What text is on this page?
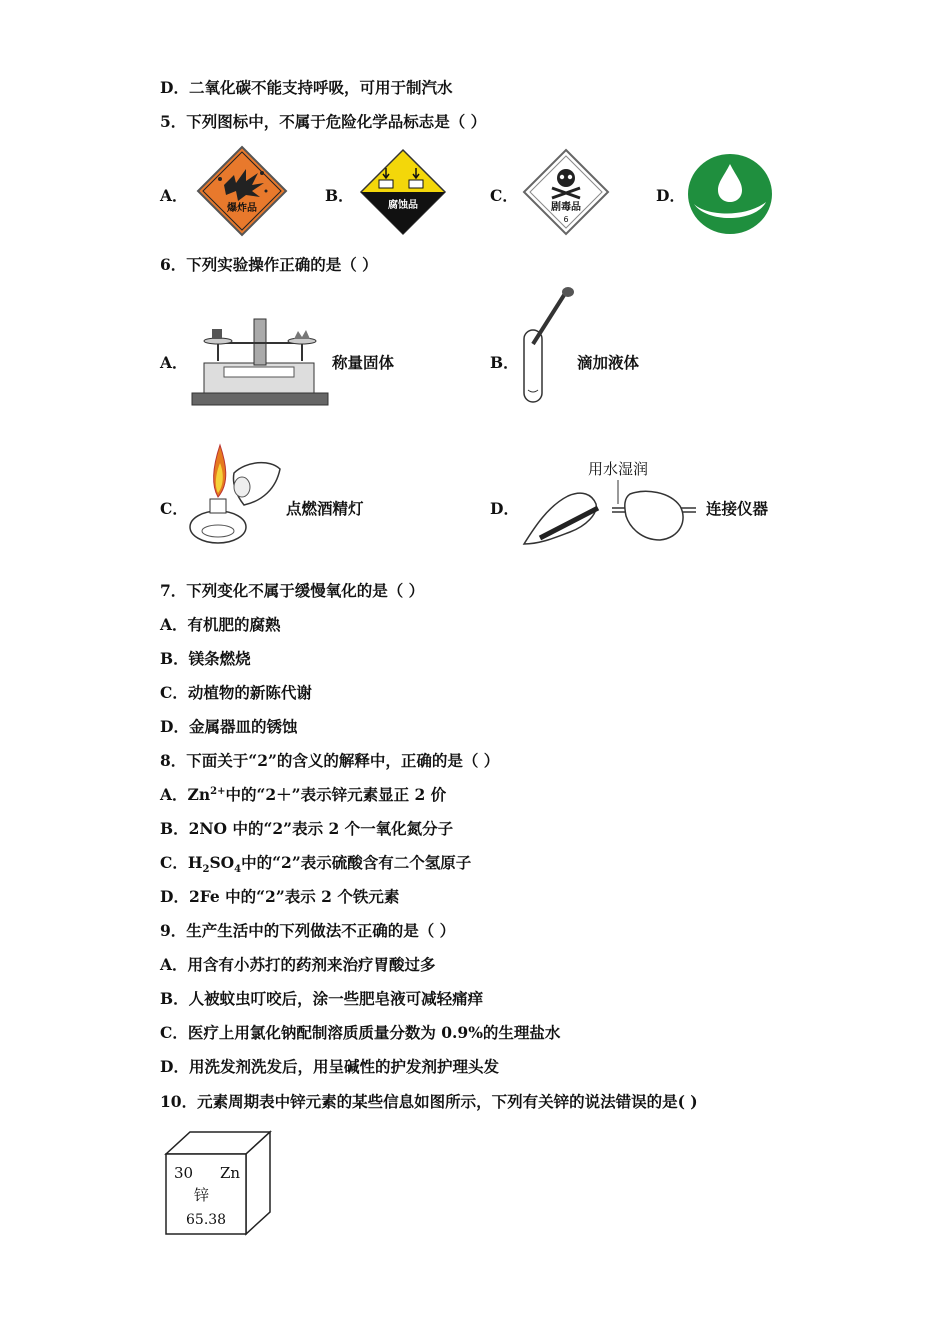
D．二氧化碳不能支持呼吸，可用于制汽水
5．下列图标中，不属于危险化学品标志是（ ）
A．
爆炸品
B．
腐蚀品
C．
剧毒品
6
D．
6．下列实验操作正确的是（ ）
A．	称量固体	B．	滴加液体
C．	点燃酒精灯	D．
用水湿润
连接仪器
7．下列变化不属于缓慢氧化的是（ ）
A．有机肥的腐熟
B．镁条燃烧
C．动植物的新陈代谢
D．金属器皿的锈蚀
8．下面关于“2”的含义的解释中，正确的是（ ）
A．$Zn^{2+}$中的“2＋”表示锌元素显正 2 价
B．2NO 中的“2”表示 2 个一氧化氮分子
C．$H_2SO_4$中的“2”表示硫酸含有二个氢原子
D．2Fe 中的“2”表示 2 个铁元素
9．生产生活中的下列做法不正确的是（ ）
A．用含有小苏打的药剂来治疗胃酸过多
B．人被蚊虫叮咬后，涂一些肥皂液可减轻痛痒
C．医疗上用氯化钠配制溶质质量分数为 0.9%的生理盐水
D．用洗发剂洗发后，用呈碱性的护发剂护理头发
10．元素周期表中锌元素的某些信息如图所示，下列有关锌的说法错误的是( )
30 Zn
锌
65.38
